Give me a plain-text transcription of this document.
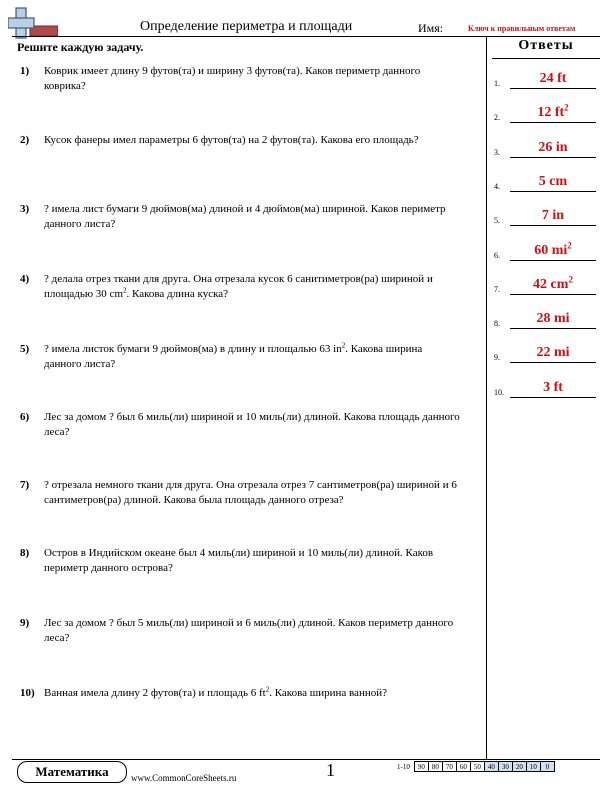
Определение периметра и площади	Имя:	Ключ к правильным ответам
Решите каждую задачу.	Ответы
1) Коврик имеет длину 9 футов(та) и ширину 3 футов(та). Каков периметр данного коврика?
2) Кусок фанеры имел параметры 6 футов(та) на 2 футов(та). Какова его площадь?
3) ? имела лист бумаги 9 дюймов(ма) длиной и 4 дюймов(ма) шириной. Каков периметр данного листа?
4) ? делала отрез ткани для друга. Она отрезала кусок 6 санитиметров(ра) шириной и площадью 30 $cm^2$. Какова длина куска?
5) ? имела листок бумаги 9 дюймов(ма) в длину и площалью 63 $in^2$. Какова ширина данного листа?
6) Лес за домом ? был 6 миль(ли) шириной и 10 миль(ли) длиной. Какова площадь данного леса?
7) ? отрезала немного ткани для друга. Она отрезала отрез 7 сантиметров(ра) шириной и 6 сантиметров(ра) длиной. Какова была площадь данного отреза?
8) Остров в Индийском океане был 4 миль(ли) шириной и 10 миль(ли) длиной. Каков периметр данного острова?
9) Лес за домом ? был 5 миль(ли) шириной и 6 миль(ли) длиной. Каков периметр данного леса?
10) Ванная имела длину 2 футов(та) и площадь 6 $ft^2$. Какова ширина ванной?
1.	24 ft
2.	12 $ft^2$
3.	26 in
4.	5 cm
5.	7 in
6.	60 $mi^2$
7.	42 $cm^2$
8.	28 mi
9.	22 mi
10.	3 ft
Математика	www.CommonCoreSheets.ru	1	1-10	90	80	70	60	50	40	30	20	10	0
